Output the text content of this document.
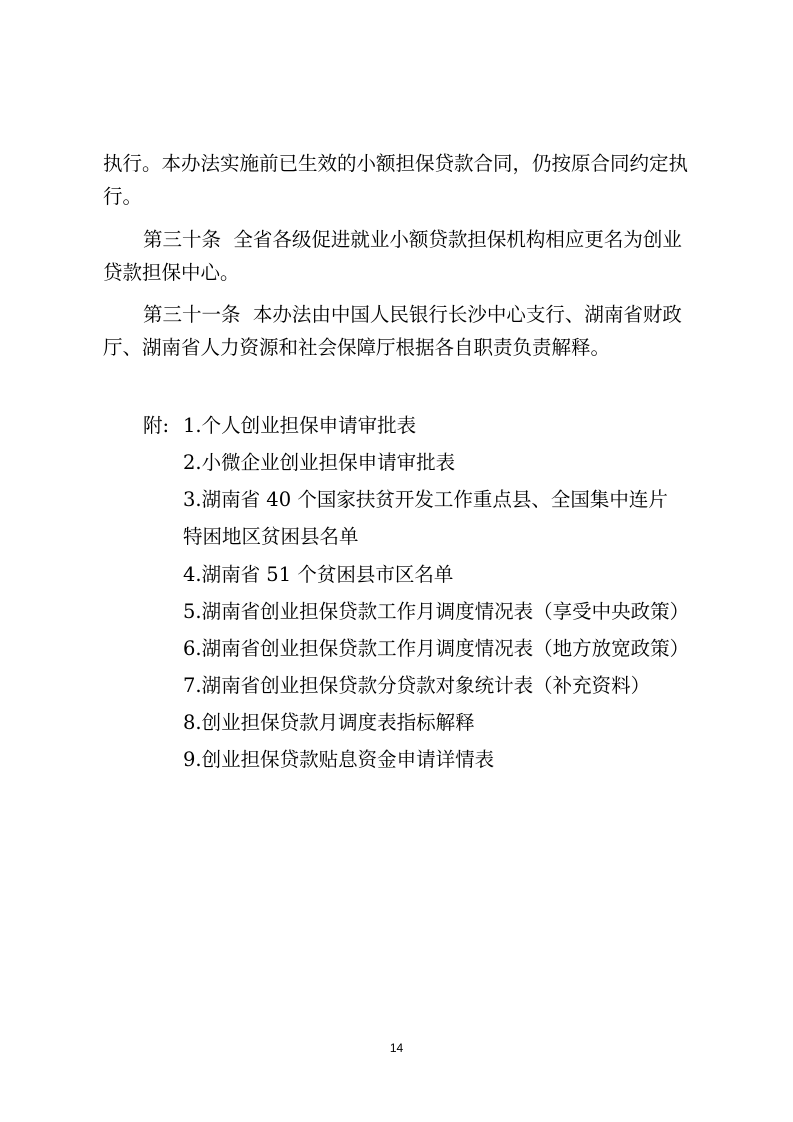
执行。本办法实施前已生效的小额担保贷款合同，仍按原合同约定执行。

第三十条  全省各级促进就业小额贷款担保机构相应更名为创业贷款担保中心。

第三十一条  本办法由中国人民银行长沙中心支行、湖南省财政厅、湖南省人力资源和社会保障厅根据各自职责负责解释。

附: 1.个人创业担保申请审批表
2.小微企业创业担保申请审批表
3.湖南省 40 个国家扶贫开发工作重点县、全国集中连片
特困地区贫困县名单
4.湖南省 51 个贫困县市区名单
5.湖南省创业担保贷款工作月调度情况表（享受中央政策）
6.湖南省创业担保贷款工作月调度情况表（地方放宽政策）
7.湖南省创业担保贷款分贷款对象统计表（补充资料）
8.创业担保贷款月调度表指标解释
9.创业担保贷款贴息资金申请详情表
14
